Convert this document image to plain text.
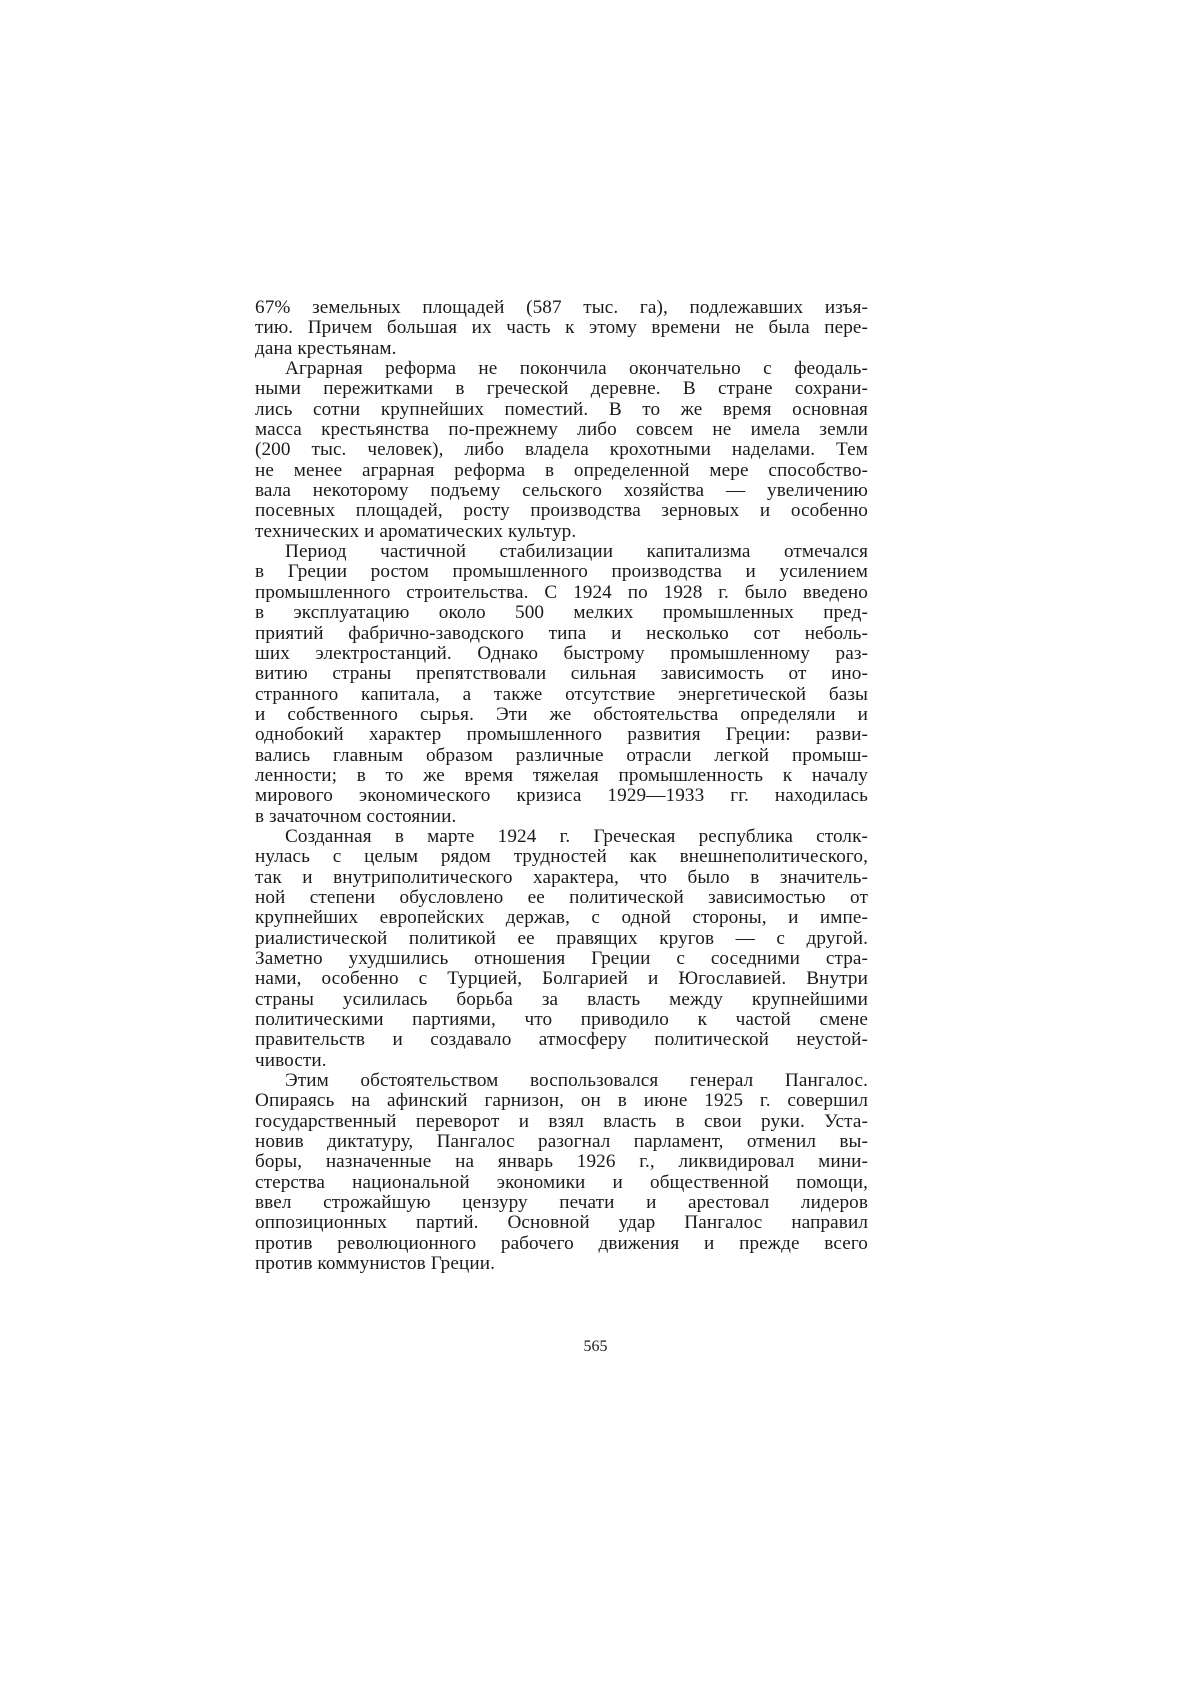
67% земельных площадей (587 тыс. га), подлежавших изъя-
тию. Причем большая их часть к этому времени не была пере-
дана крестьянам.
Аграрная реформа не покончила окончательно с феодаль-
ными пережитками в греческой деревне. В стране сохрани-
лись сотни крупнейших поместий. В то же время основная
масса крестьянства по-прежнему либо совсем не имела земли
(200 тыс. человек), либо владела крохотными наделами. Тем
не менее аграрная реформа в определенной мере способство-
вала некоторому подъему сельского хозяйства — увеличению
посевных площадей, росту производства зерновых и особенно
технических и ароматических культур.
Период частичной стабилизации капитализма отмечался
в Греции ростом промышленного производства и усилением
промышленного строительства. С 1924 по 1928 г. было введено
в эксплуатацию около 500 мелких промышленных пред-
приятий фабрично-заводского типа и несколько сот неболь-
ших электростанций. Однако быстрому промышленному раз-
витию страны препятствовали сильная зависимость от ино-
странного капитала, а также отсутствие энергетической базы
и собственного сырья. Эти же обстоятельства определяли и
однобокий характер промышленного развития Греции: разви-
вались главным образом различные отрасли легкой промыш-
ленности; в то же время тяжелая промышленность к началу
мирового экономического кризиса 1929—1933 гг. находилась
в зачаточном состоянии.
Созданная в марте 1924 г. Греческая республика столк-
нулась с целым рядом трудностей как внешнеполитического,
так и внутриполитического характера, что было в значитель-
ной степени обусловлено ее политической зависимостью от
крупнейших европейских держав, с одной стороны, и импе-
риалистической политикой ее правящих кругов — с другой.
Заметно ухудшились отношения Греции с соседними стра-
нами, особенно с Турцией, Болгарией и Югославией. Внутри
страны усилилась борьба за власть между крупнейшими
политическими партиями, что приводило к частой смене
правительств и создавало атмосферу политической неустой-
чивости.
Этим обстоятельством воспользовался генерал Пангалос.
Опираясь на афинский гарнизон, он в июне 1925 г. совершил
государственный переворот и взял власть в свои руки. Уста-
новив диктатуру, Пангалос разогнал парламент, отменил вы-
боры, назначенные на январь 1926 г., ликвидировал мини-
стерства национальной экономики и общественной помощи,
ввел строжайшую цензуру печати и арестовал лидеров
оппозиционных партий. Основной удар Пангалос направил
против революционного рабочего движения и прежде всего
против коммунистов Греции.
565
